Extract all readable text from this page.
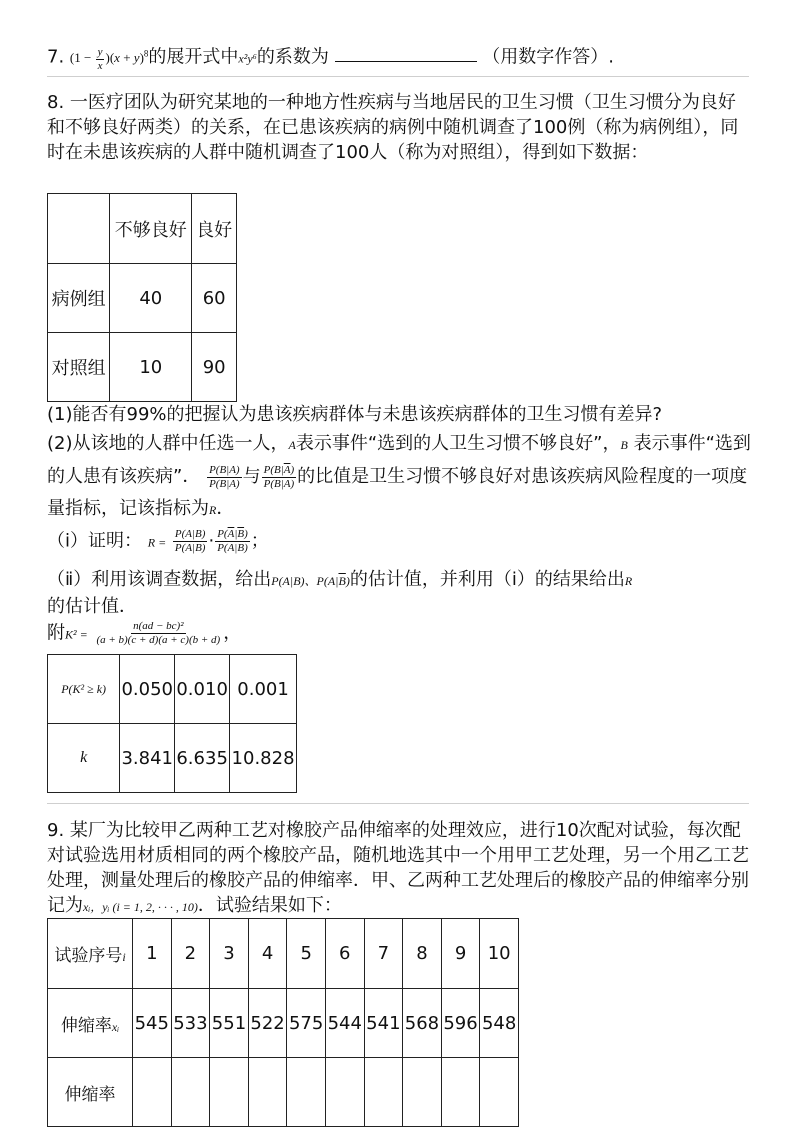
7. $(1 - \frac{y}{x} )(x + y)^8$的展开式中x²y⁶的系数为	（用数字作答）.
8. 一医疗团队为研究某地的一种地方性疾病与当地居民的卫生习惯（卫生习惯分为良好和不够良好两类）的关系，在已患该疾病的病例中随机调查了100例（称为病例组），同时在未患该疾病的人群中随机调查了100人（称为对照组），得到如下数据：
	不够良好	良好
病例组	40	60
对照组	10	90
(1)能否有99%的把握认为患该疾病群体与未患该疾病群体的卫生习惯有差异?
(2)从该地的人群中任选一人，A表示事件“选到的人卫生习惯不够良好”，B 表示事件“选到的人患有该疾病”． $\frac{P(B|A)}{P(\overline{B}|A)}$ 与 $\frac{P(B|\overline{A})}{P(\overline{B}|\overline{A})}$ 的比值是卫生习惯不够良好对患该疾病风险程度的一项度量指标，记该指标为R．
（ⅰ）证明： $R = \frac{P(A|B)}{P(\overline{A}|B)} \cdot \frac{P(\overline{A}|\overline{B})}{P(A|\overline{B})}$ ；
（ⅱ）利用该调查数据，给出P(A|B)、$P(A|\overline{B})$的估计值，并利用（ⅰ）的结果给出R
的估计值．
附$K^2 = \frac{\text{n(ad − bc)²}}{(a + b)(c + d)(a + c)(b + d)}$ ，
P(K² ≥ k)	0.050	0.010	0.001
k	3.841	6.635	10.828
9. 某厂为比较甲乙两种工艺对橡胶产品伸缩率的处理效应，进行10次配对试验，每次配对试验选用材质相同的两个橡胶产品，随机地选其中一个用甲工艺处理，另一个用乙工艺处理，测量处理后的橡胶产品的伸缩率．甲、乙两种工艺处理后的橡胶产品的伸缩率分别记为xᵢ，yᵢ (i = 1, 2, · · · , 10)．试验结果如下：
试验序号i	1	2	3	4	5	6	7	8	9	10
伸缩率xᵢ	545	533	551	522	575	544	541	568	596	548
伸缩率										
